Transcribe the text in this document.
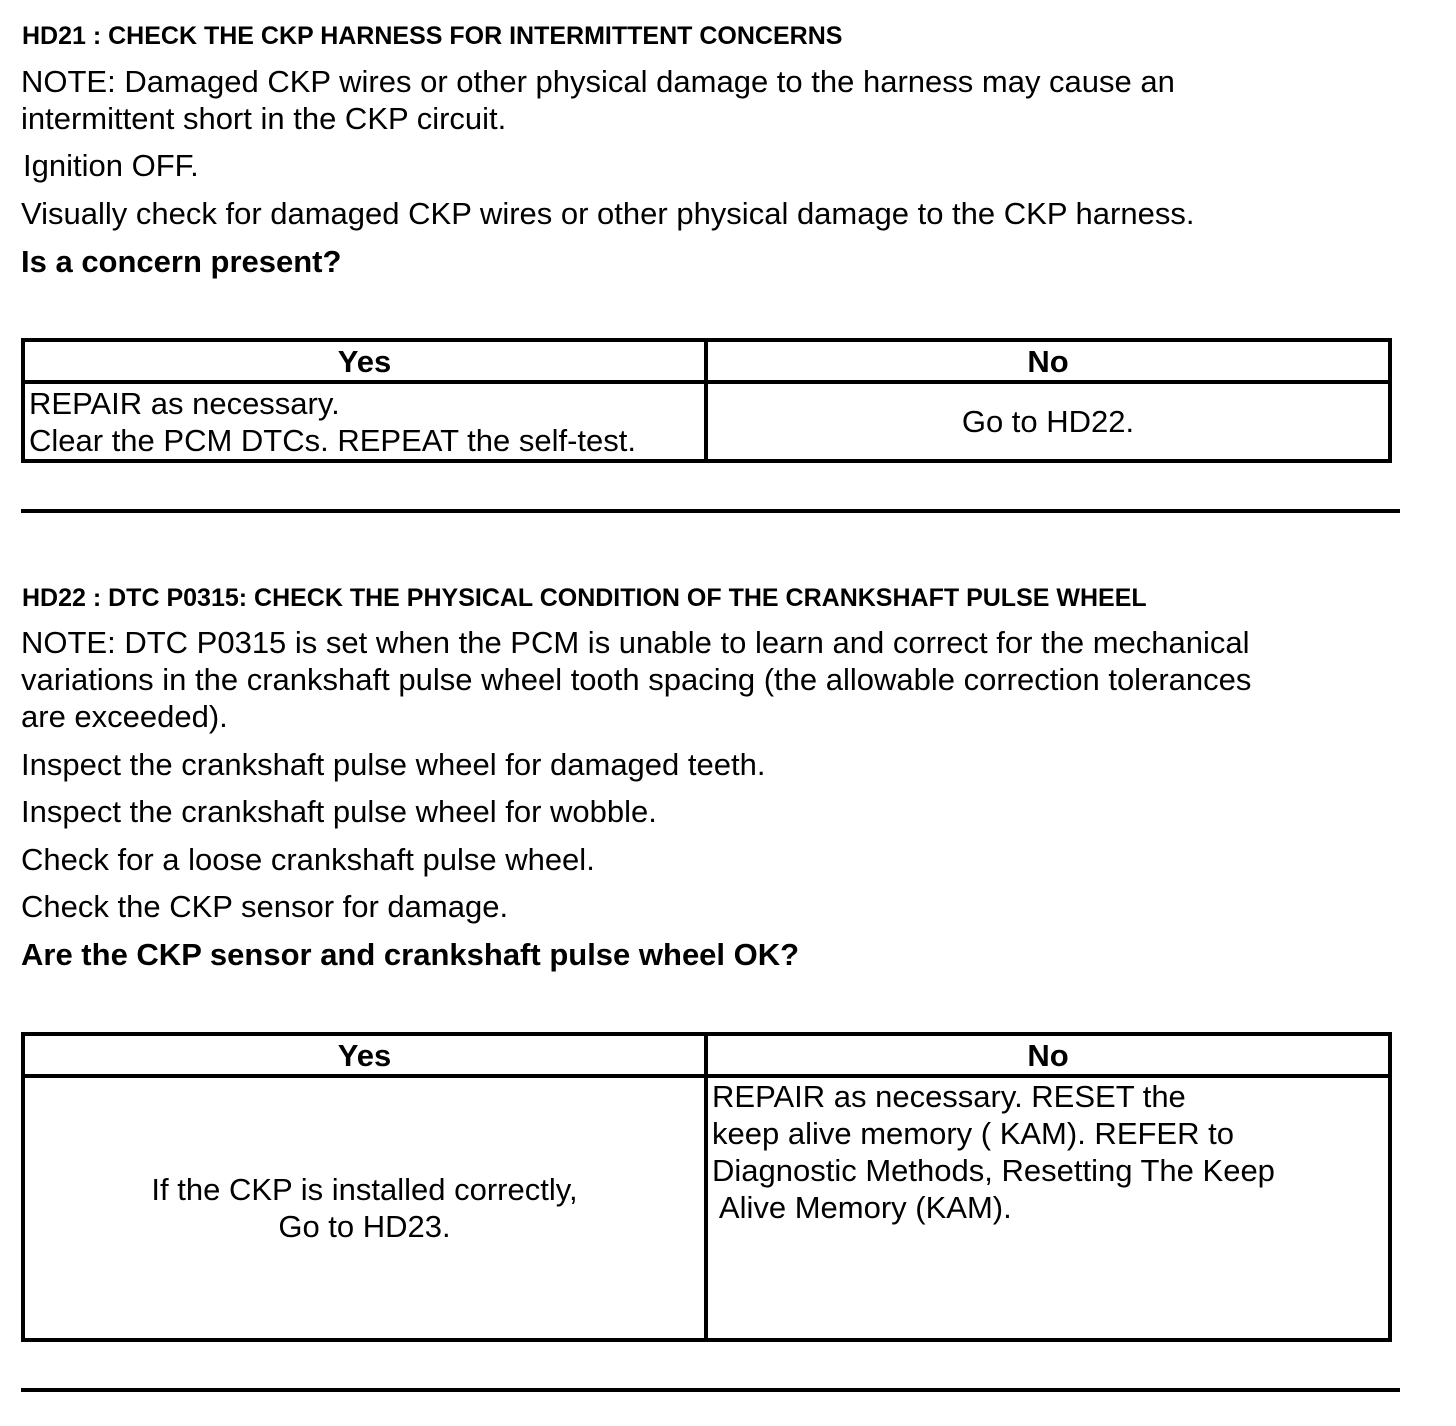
HD21 : CHECK THE CKP HARNESS FOR INTERMITTENT CONCERNS
NOTE: Damaged CKP wires or other physical damage to the harness may cause an
intermittent short in the CKP circuit.
Ignition OFF.
Visually check for damaged CKP wires or other physical damage to the CKP harness.
Is a concern present?
Yes	No

REPAIR as necessary.
Clear the PCM DTCs. REPEAT the self-test.	Go to HD22.
HD22 : DTC P0315: CHECK THE PHYSICAL CONDITION OF THE CRANKSHAFT PULSE WHEEL
NOTE: DTC P0315 is set when the PCM is unable to learn and correct for the mechanical
variations in the crankshaft pulse wheel tooth spacing (the allowable correction tolerances
are exceeded).
Inspect the crankshaft pulse wheel for damaged teeth.
Inspect the crankshaft pulse wheel for wobble.
Check for a loose crankshaft pulse wheel.
Check the CKP sensor for damage.
Are the CKP sensor and crankshaft pulse wheel OK?
Yes	No

If the CKP is installed correctly,
Go to HD23.	REPAIR as necessary. RESET the
keep alive memory ( KAM). REFER to
Diagnostic Methods, Resetting The Keep
Alive Memory (KAM).
